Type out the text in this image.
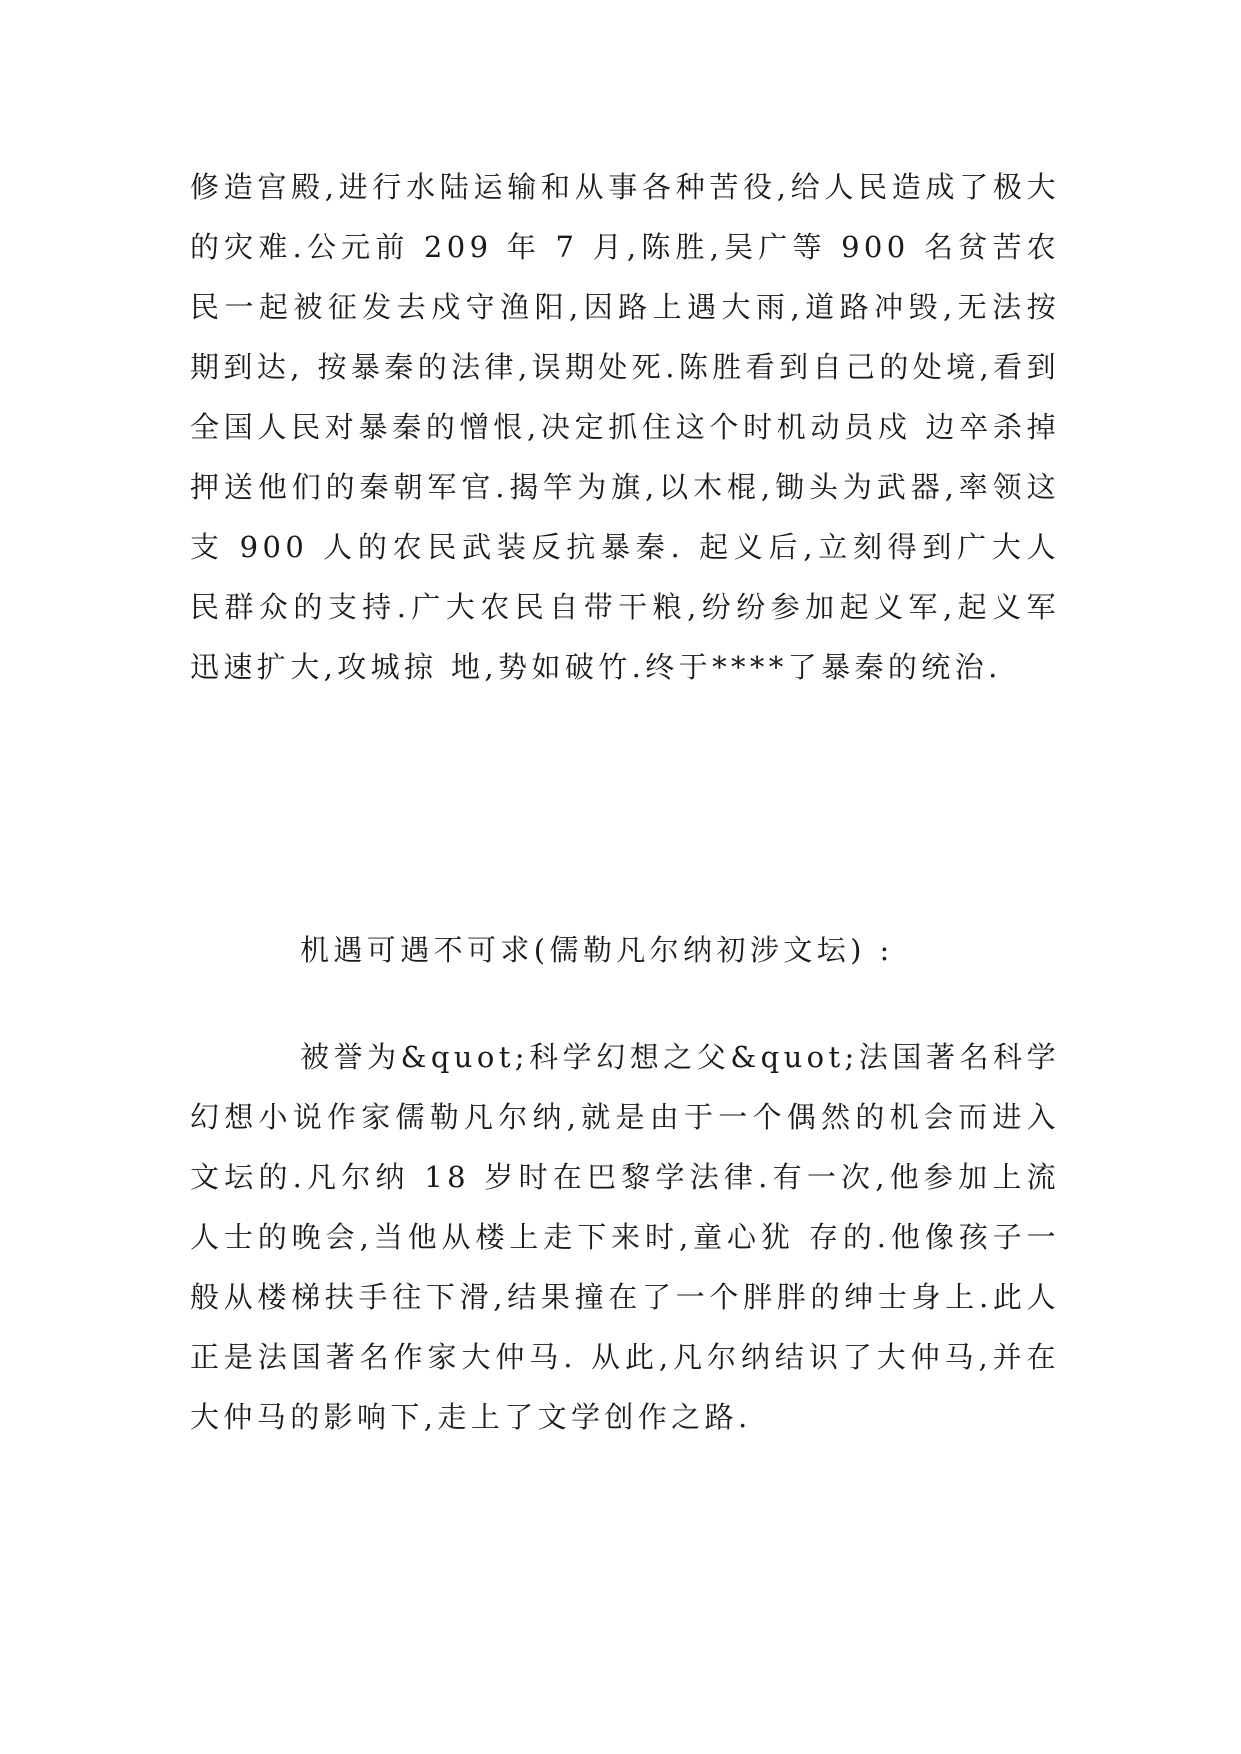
修造宫殿,进行水陆运输和从事各种苦役,给人民造成了极大的灾难.公元前 209 年 7 月,陈胜,吴广等 900 名贫苦农民一起被征发去戍守渔阳,因路上遇大雨,道路冲毁,无法按期到达, 按暴秦的法律,误期处死.陈胜看到自己的处境,看到全国人民对暴秦的憎恨,决定抓住这个时机动员戍 边卒杀掉押送他们的秦朝军官.揭竿为旗,以木棍,锄头为武器,率领这支 900 人的农民武装反抗暴秦. 起义后,立刻得到广大人民群众的支持.广大农民自带干粮,纷纷参加起义军,起义军迅速扩大,攻城掠 地,势如破竹.终于****了暴秦的统治.

机遇可遇不可求(儒勒凡尔纳初涉文坛) :

被誉为&quot;科学幻想之父&quot;法国著名科学幻想小说作家儒勒凡尔纳,就是由于一个偶然的机会而进入文坛的.凡尔纳 18 岁时在巴黎学法律.有一次,他参加上流人士的晚会,当他从楼上走下来时,童心犹 存的.他像孩子一般从楼梯扶手往下滑,结果撞在了一个胖胖的绅士身上.此人正是法国著名作家大仲马. 从此,凡尔纳结识了大仲马,并在大仲马的影响下,走上了文学创作之路.
